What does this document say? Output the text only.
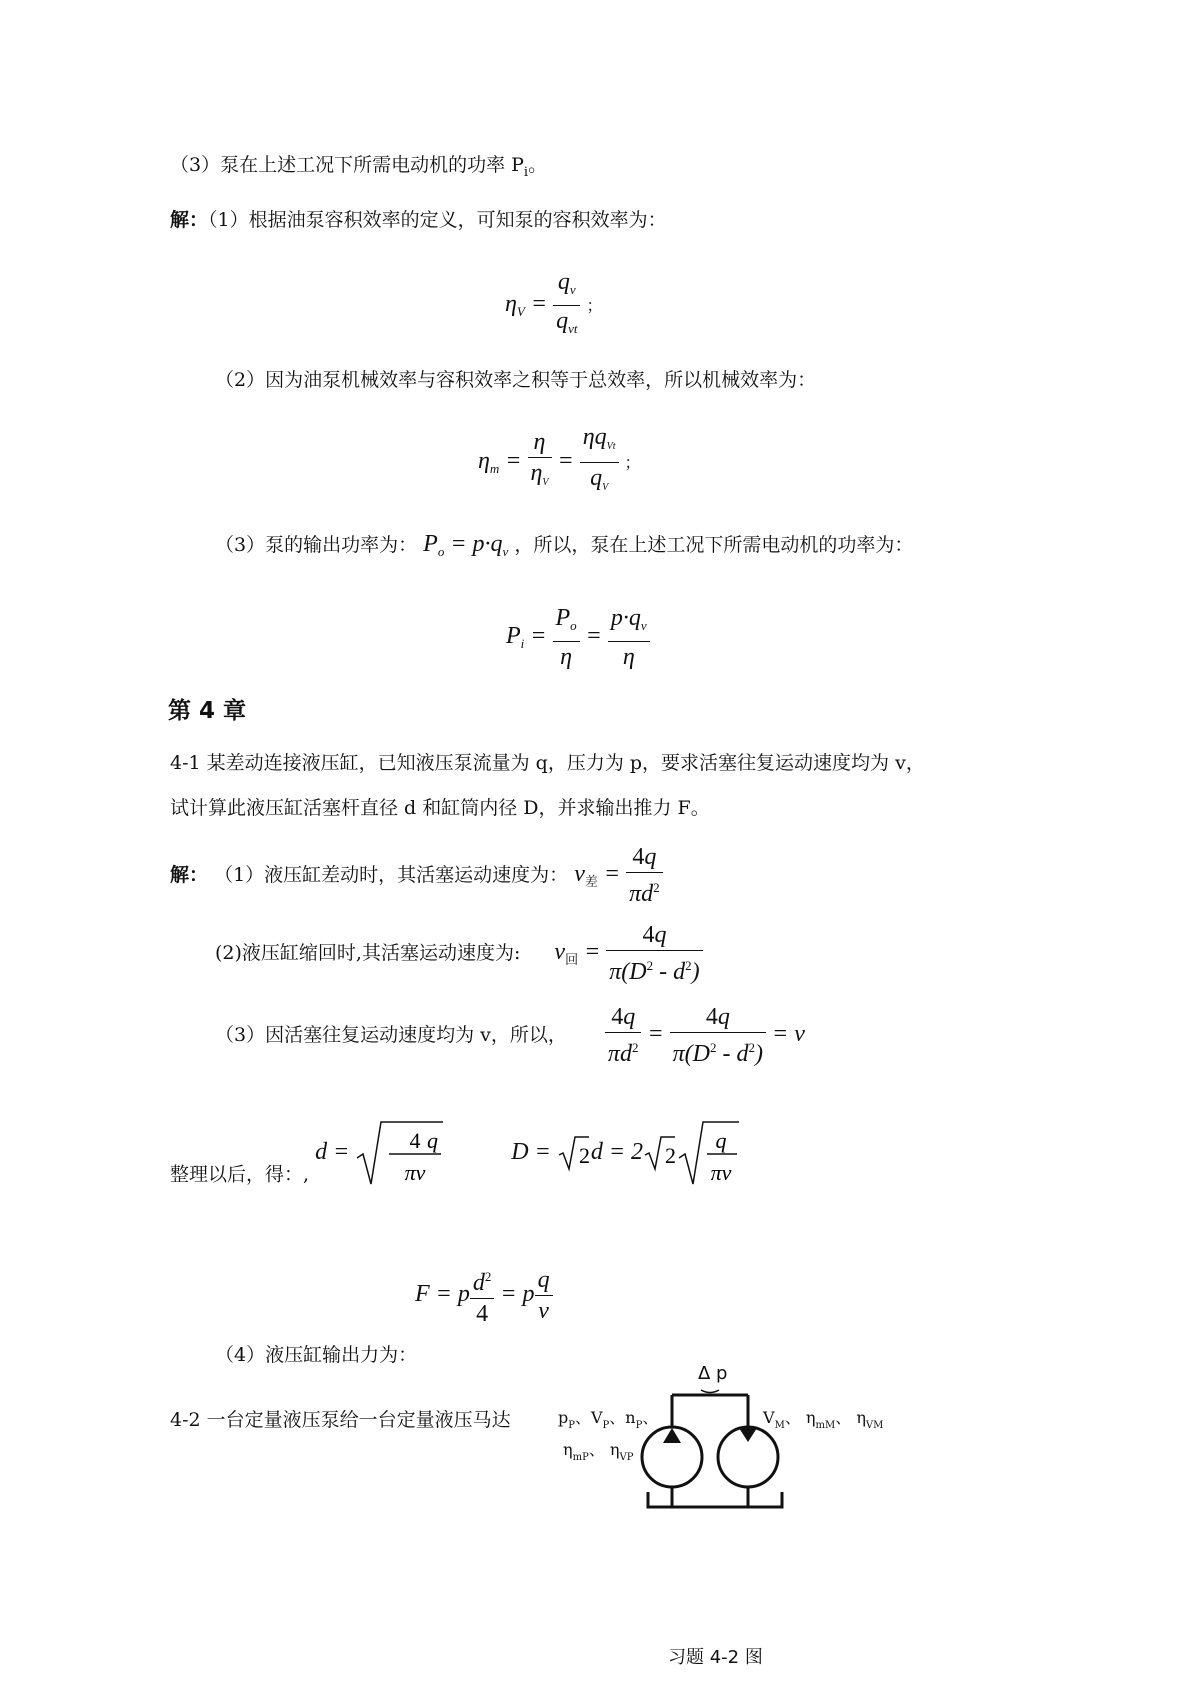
（3）泵在上述工况下所需电动机的功率 $P_i$。
解：（1）根据油泵容积效率的定义，可知泵的容积效率为：
$\eta_V = \frac{q_v}{q_{vt}}$ ；
（2）因为油泵机械效率与容积效率之积等于总效率，所以机械效率为：
$\eta_m = \frac{\eta}{\eta_V} = \frac{\eta q_{Vt}}{q_V}$ ；
（3）泵的输出功率为： $P_o = p\cdot q_v$ ，所以，泵在上述工况下所需电动机的功率为：
$P_i = \frac{P_o}{\eta} = \frac{p\cdot q_v}{\eta}$
第 4 章
4-1 某差动连接液压缸，已知液压泵流量为 q，压力为 p，要求活塞往复运动速度均为 v，
试计算此液压缸活塞杆直径 d 和缸筒内径 D，并求输出推力 F。
解： （1）液压缸差动时，其活塞运动速度为： $v_差 = \frac{4q}{\pi d^2}$
(2)液压缸缩回时,其活塞运动速度为: $v_回 = \frac{4q}{\pi(D^2 - d^2)}$
（3）因活塞往复运动速度均为 v，所以， $\frac{4q}{\pi d^2} = \frac{4q}{\pi(D^2 - d^2)} = v$
整理以后，得：, d = 4 q
πv
D = 2 d = 2 2
q
πv
F = p $\frac{d^2}{4} = p \frac{q}{v}$
（4）液压缸输出力为：
4-2 一台定量液压泵给一台定量液压马达
Δ p
$p_P$、$V_P$、$n_P$、
$\eta_{mP}$、 $\eta_{VP}$
$V_M$、 $\eta_{mM}$、 $\eta_{VM}$
习题 4-2 图
